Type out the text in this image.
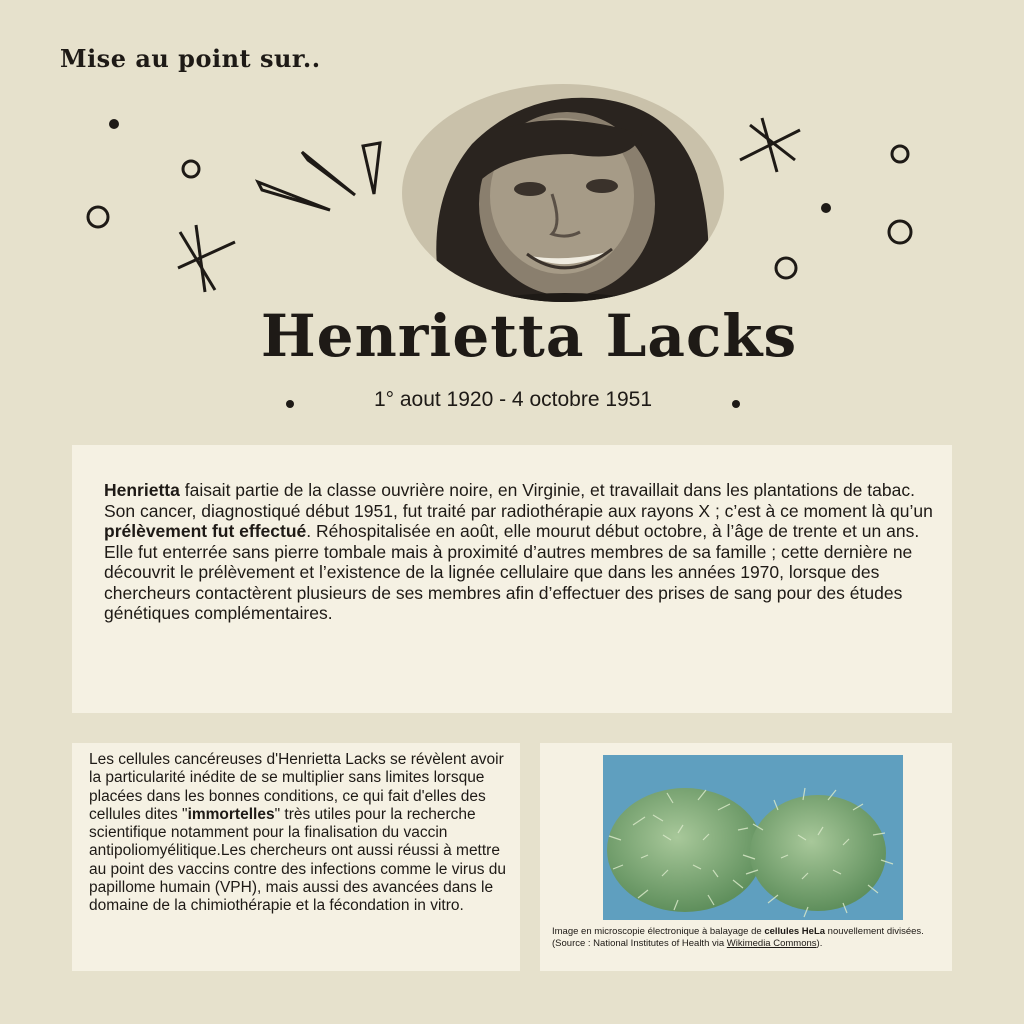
Mise au point sur..
Henrietta Lacks
1° aout 1920 - 4 octobre 1951

Henrietta faisait partie de la classe ouvrière noire, en Virginie, et travaillait dans les plantations de tabac. Son cancer, diagnostiqué début 1951, fut traité par radiothérapie aux rayons X ; c’est à ce moment là qu’un prélèvement fut effectué. Réhospitalisée en août, elle mourut début octobre, à l’âge de trente et un ans.
Elle fut enterrée sans pierre tombale mais à proximité d’autres membres de sa famille ; cette dernière ne découvrit le prélèvement et l’existence de la lignée cellulaire que dans les années 1970, lorsque des chercheurs contactèrent plusieurs de ses membres afin d’effectuer des prises de sang pour des études génétiques complémentaires.

Les cellules cancéreuses d'Henrietta Lacks se révèlent avoir la particularité inédite de se multiplier sans limites lorsque placées dans les bonnes conditions, ce qui fait d'elles des cellules dites "immortelles" très utiles pour la recherche scientifique notamment pour la finalisation du vaccin antipoliomyélitique.Les chercheurs ont aussi réussi à mettre au point des vaccins contre des infections comme le virus du papillome humain (VPH), mais aussi des avancées dans le domaine de la chimiothérapie et la fécondation in vitro.

Image en microscopie électronique à balayage de cellules HeLa nouvellement divisées.
(Source : National Institutes of Health via Wikimedia Commons).
